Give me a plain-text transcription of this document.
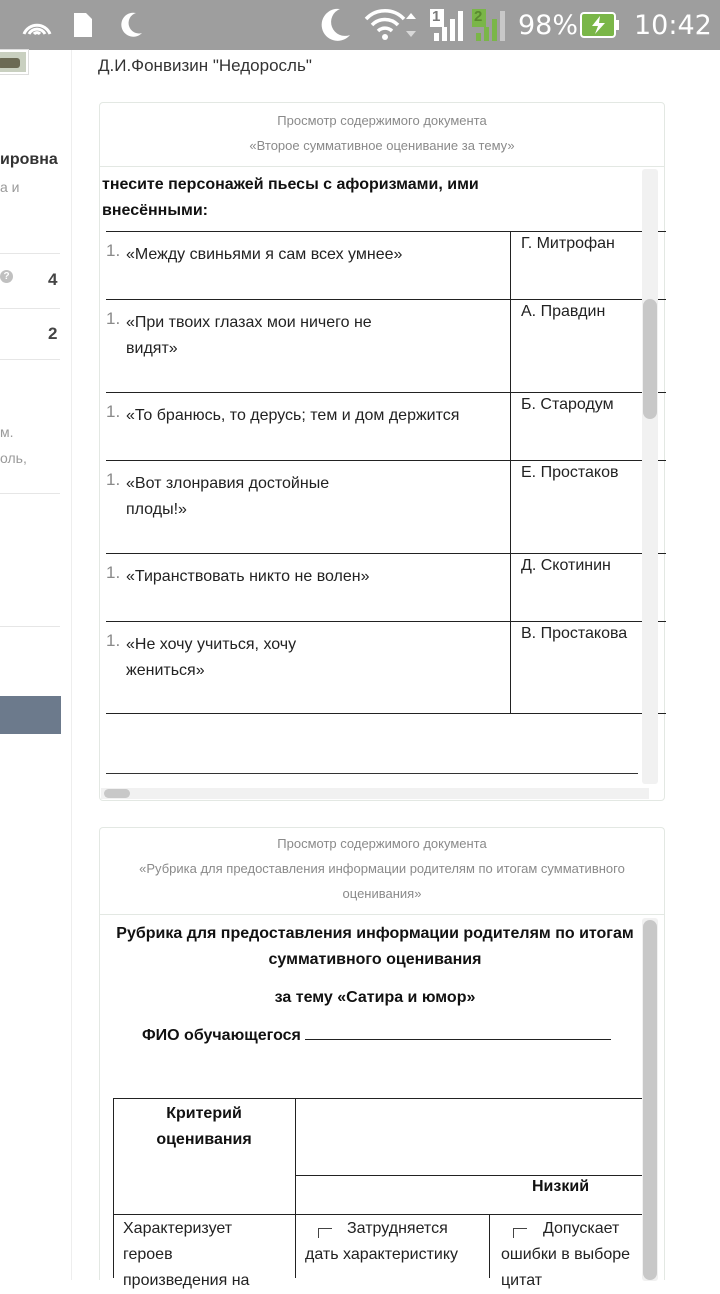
1 2 98% 10:42
ировна
а и
? 4
2
м.
оль,
Д.И.Фонвизин "Недоросль"
Просмотр содержимого документа
«Второе суммативное оценивание за тему»
тнесите персонажей пьесы с афоризмами, ими
внесёнными:
1. «Между свиньями я сам всех умнее»
Г. Митрофан
1. «При твоих глазах мои ничего не видят»
А. Правдин
1. «То бранюсь, то дерусь; тем и дом держится
Б. Стародум
1. «Вот злонравия достойные плоды!»
Е. Простаков
1. «Тиранствовать никто не волен»
Д. Скотинин
1. «Не хочу учиться, хочу жениться»
В. Простакова
Просмотр содержимого документа
«Рубрика для предоставления информации родителям по итогам суммативного
оценивания»
Рубрика для предоставления информации родителям по итогам
суммативного оценивания
за тему «Сатира и юмор»
ФИО обучающегося
Критерий оценивания
Низкий
Характеризует героев произведения на
Затрудняется дать характеристику
Допускает ошибки в выборе цитат
